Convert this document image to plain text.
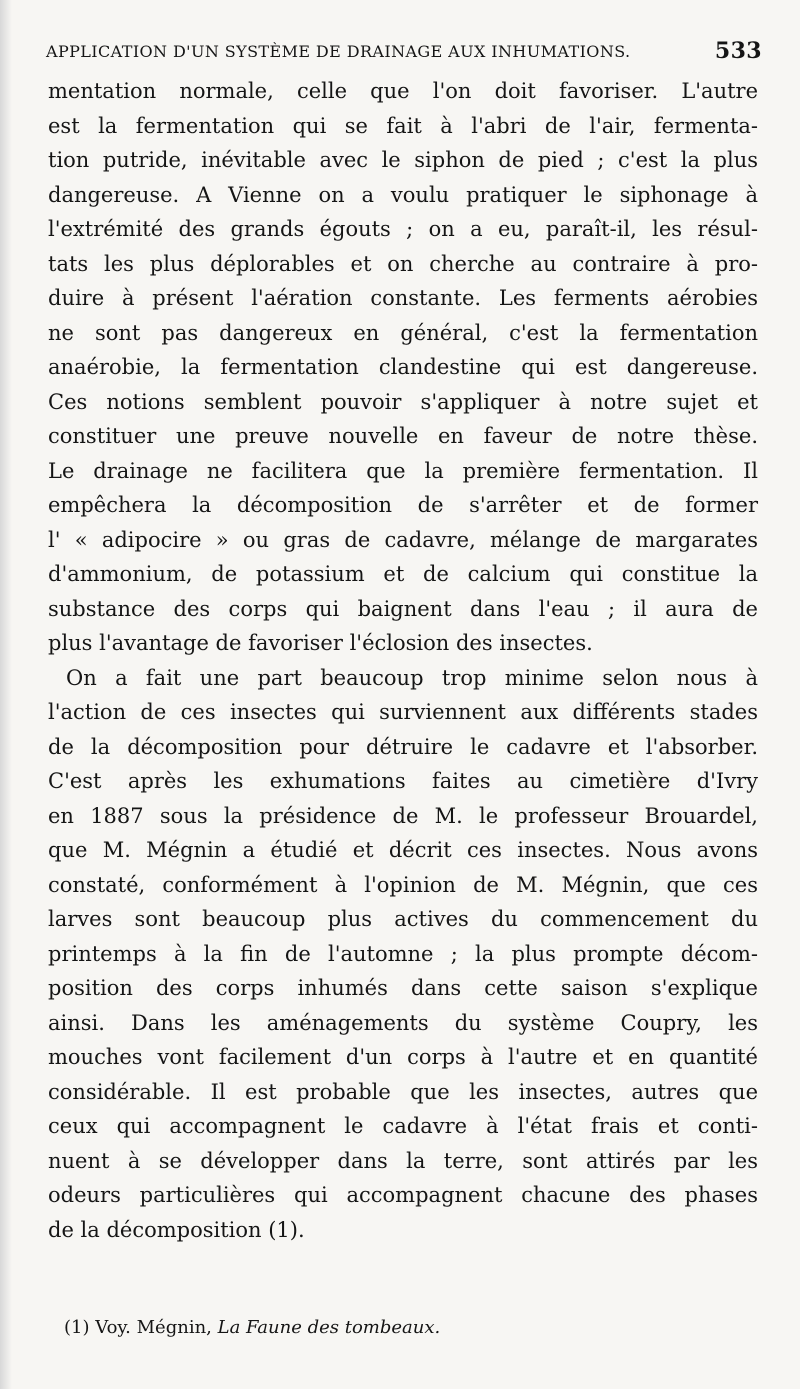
APPLICATION D'UN SYSTÈME DE DRAINAGE AUX INHUMATIONS.	533
mentation normale, celle que l'on doit favoriser. L'autre
est la fermentation qui se fait à l'abri de l'air, fermenta-
tion putride, inévitable avec le siphon de pied ; c'est la plus
dangereuse. A Vienne on a voulu pratiquer le siphonage à
l'extrémité des grands égouts ; on a eu, paraît-il, les résul-
tats les plus déplorables et on cherche au contraire à pro-
duire à présent l'aération constante. Les ferments aérobies
ne sont pas dangereux en général, c'est la fermentation
anaérobie, la fermentation clandestine qui est dangereuse.
Ces notions semblent pouvoir s'appliquer à notre sujet et
constituer une preuve nouvelle en faveur de notre thèse.
Le drainage ne facilitera que la première fermentation. Il
empêchera la décomposition de s'arrêter et de former
l' « adipocire » ou gras de cadavre, mélange de margarates
d'ammonium, de potassium et de calcium qui constitue la
substance des corps qui baignent dans l'eau ; il aura de
plus l'avantage de favoriser l'éclosion des insectes.
On a fait une part beaucoup trop minime selon nous à
l'action de ces insectes qui surviennent aux différents stades
de la décomposition pour détruire le cadavre et l'absorber.
C'est après les exhumations faites au cimetière d'Ivry
en 1887 sous la présidence de M. le professeur Brouardel,
que M. Mégnin a étudié et décrit ces insectes. Nous avons
constaté, conformément à l'opinion de M. Mégnin, que ces
larves sont beaucoup plus actives du commencement du
printemps à la fin de l'automne ; la plus prompte décom-
position des corps inhumés dans cette saison s'explique
ainsi. Dans les aménagements du système Coupry, les
mouches vont facilement d'un corps à l'autre et en quantité
considérable. Il est probable que les insectes, autres que
ceux qui accompagnent le cadavre à l'état frais et conti-
nuent à se développer dans la terre, sont attirés par les
odeurs particulières qui accompagnent chacune des phases
de la décomposition (1).
(1) Voy. Mégnin, La Faune des tombeaux.
